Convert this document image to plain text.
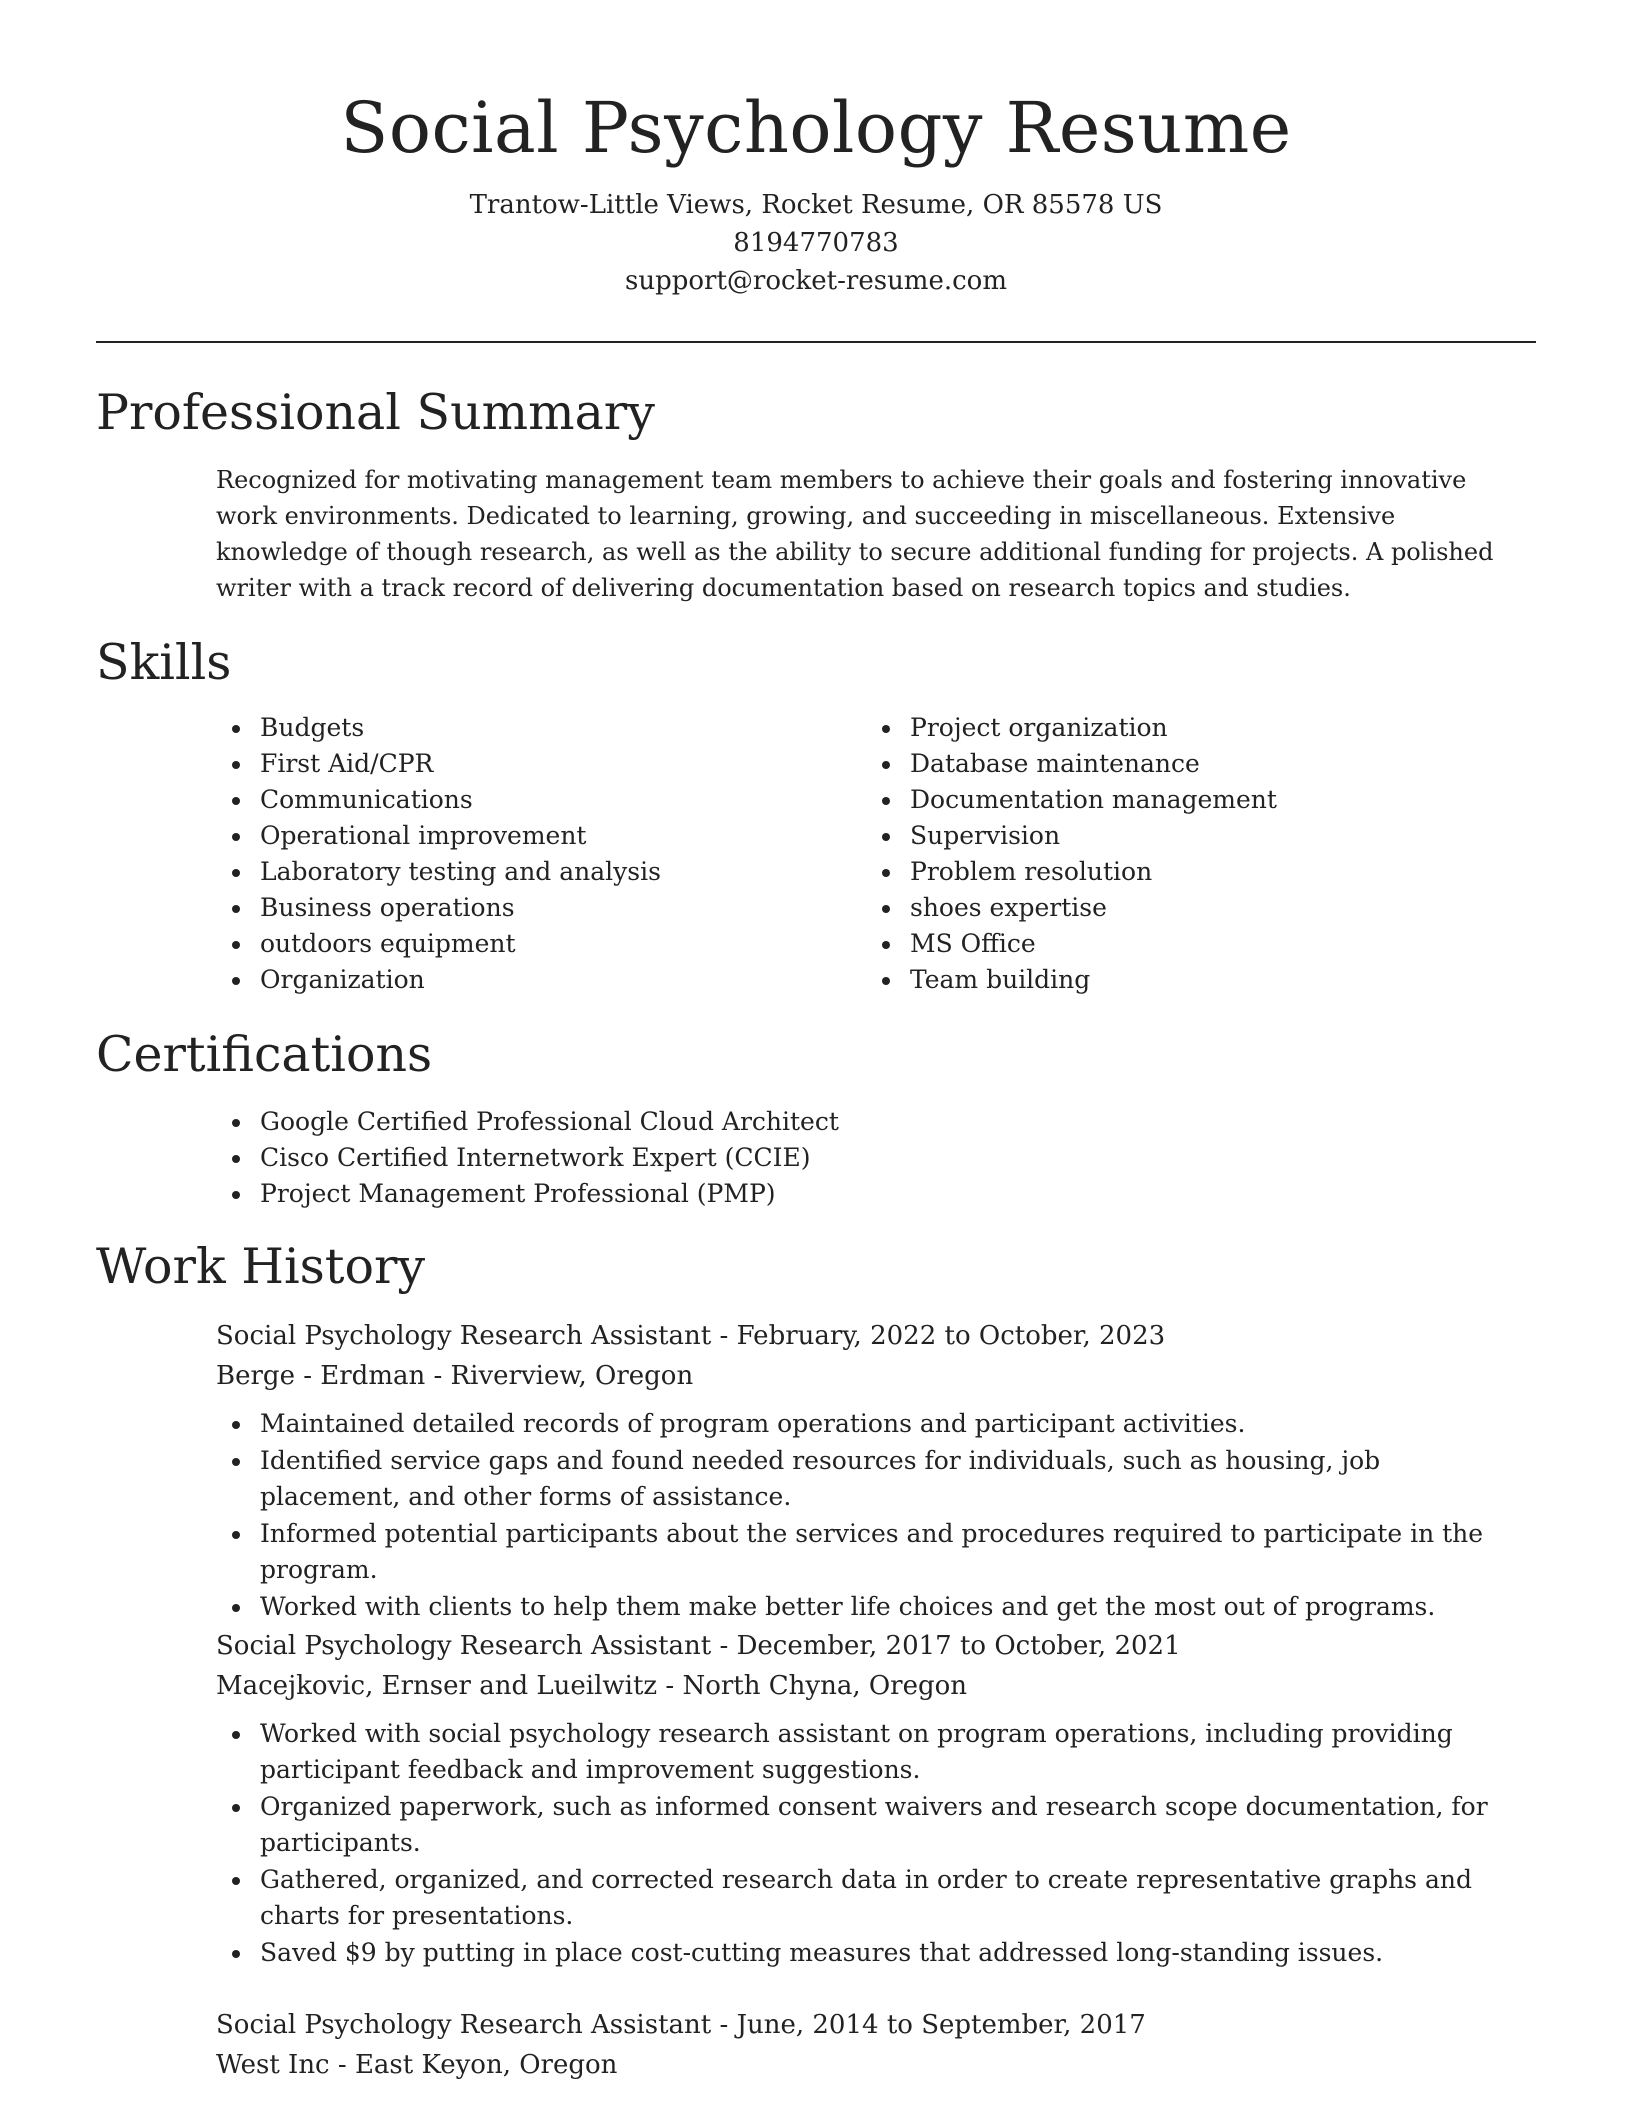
Social Psychology Resume
Trantow-Little Views, Rocket Resume, OR 85578 US
8194770783
support@rocket-resume.com
Professional Summary

Recognized for motivating management team members to achieve their goals and fostering innovative work environments. Dedicated to learning, growing, and succeeding in miscellaneous. Extensive knowledge of though research, as well as the ability to secure additional funding for projects. A polished writer with a track record of delivering documentation based on research topics and studies.

Skills
Budgets
First Aid/CPR
Communications
Operational improvement
Laboratory testing and analysis
Business operations
outdoors equipment
Organization
Project organization
Database maintenance
Documentation management
Supervision
Problem resolution
shoes expertise
MS Office
Team building
Certifications
Google Certified Professional Cloud Architect
Cisco Certified Internetwork Expert (CCIE)
Project Management Professional (PMP)
Work History
Social Psychology Research Assistant - February, 2022 to October, 2023
Berge - Erdman - Riverview, Oregon
Maintained detailed records of program operations and participant activities.
Identified service gaps and found needed resources for individuals, such as housing, job placement, and other forms of assistance.
Informed potential participants about the services and procedures required to participate in the program.
Worked with clients to help them make better life choices and get the most out of programs.
Social Psychology Research Assistant - December, 2017 to October, 2021
Macejkovic, Ernser and Lueilwitz - North Chyna, Oregon
Worked with social psychology research assistant on program operations, including providing participant feedback and improvement suggestions.
Organized paperwork, such as informed consent waivers and research scope documentation, for participants.
Gathered, organized, and corrected research data in order to create representative graphs and charts for presentations.
Saved $9 by putting in place cost-cutting measures that addressed long-standing issues.
Social Psychology Research Assistant - June, 2014 to September, 2017
West Inc - East Keyon, Oregon
